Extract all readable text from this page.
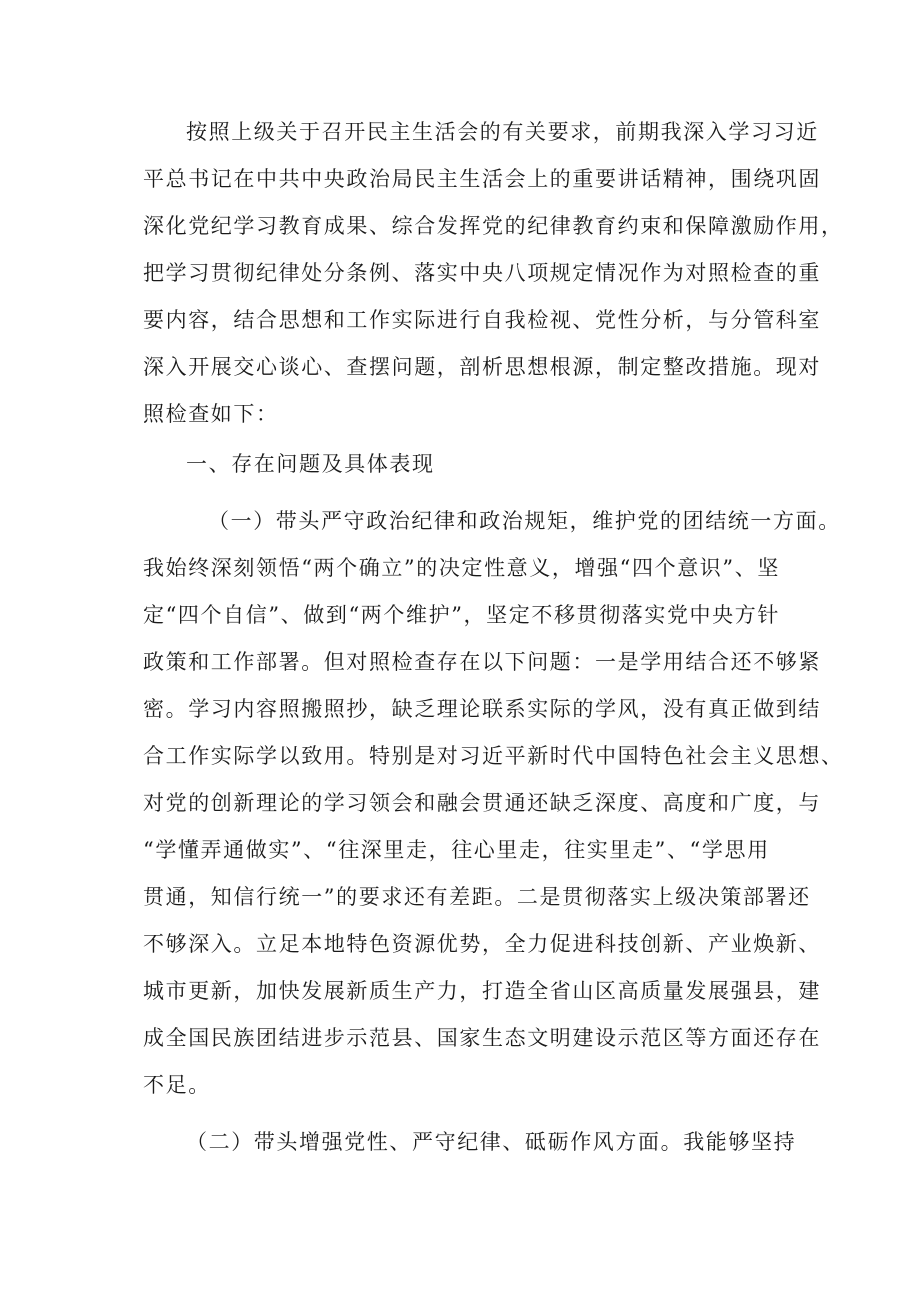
按照上级关于召开民主生活会的有关要求，前期我深入学习习近
平总书记在中共中央政治局民主生活会上的重要讲话精神，围绕巩固
深化党纪学习教育成果、综合发挥党的纪律教育约束和保障激励作用，
把学习贯彻纪律处分条例、落实中央八项规定情况作为对照检查的重
要内容，结合思想和工作实际进行自我检视、党性分析，与分管科室
深入开展交心谈心、查摆问题，剖析思想根源，制定整改措施。现对
照检查如下：
一、存在问题及具体表现
（一）带头严守政治纪律和政治规矩，维护党的团结统一方面。
我始终深刻领悟“两个确立”的决定性意义，增强“四个意识”、坚
定“四个自信”、做到“两个维护”，坚定不移贯彻落实党中央方针
政策和工作部署。但对照检查存在以下问题：一是学用结合还不够紧
密。学习内容照搬照抄，缺乏理论联系实际的学风，没有真正做到结
合工作实际学以致用。特别是对习近平新时代中国特色社会主义思想、
对党的创新理论的学习领会和融会贯通还缺乏深度、高度和广度，与
“学懂弄通做实”、“往深里走，往心里走，往实里走”、“学思用
贯通，知信行统一”的要求还有差距。二是贯彻落实上级决策部署还
不够深入。立足本地特色资源优势，全力促进科技创新、产业焕新、
城市更新，加快发展新质生产力，打造全省山区高质量发展强县，建
成全国民族团结进步示范县、国家生态文明建设示范区等方面还存在
不足。
（二）带头增强党性、严守纪律、砥砺作风方面。我能够坚持
